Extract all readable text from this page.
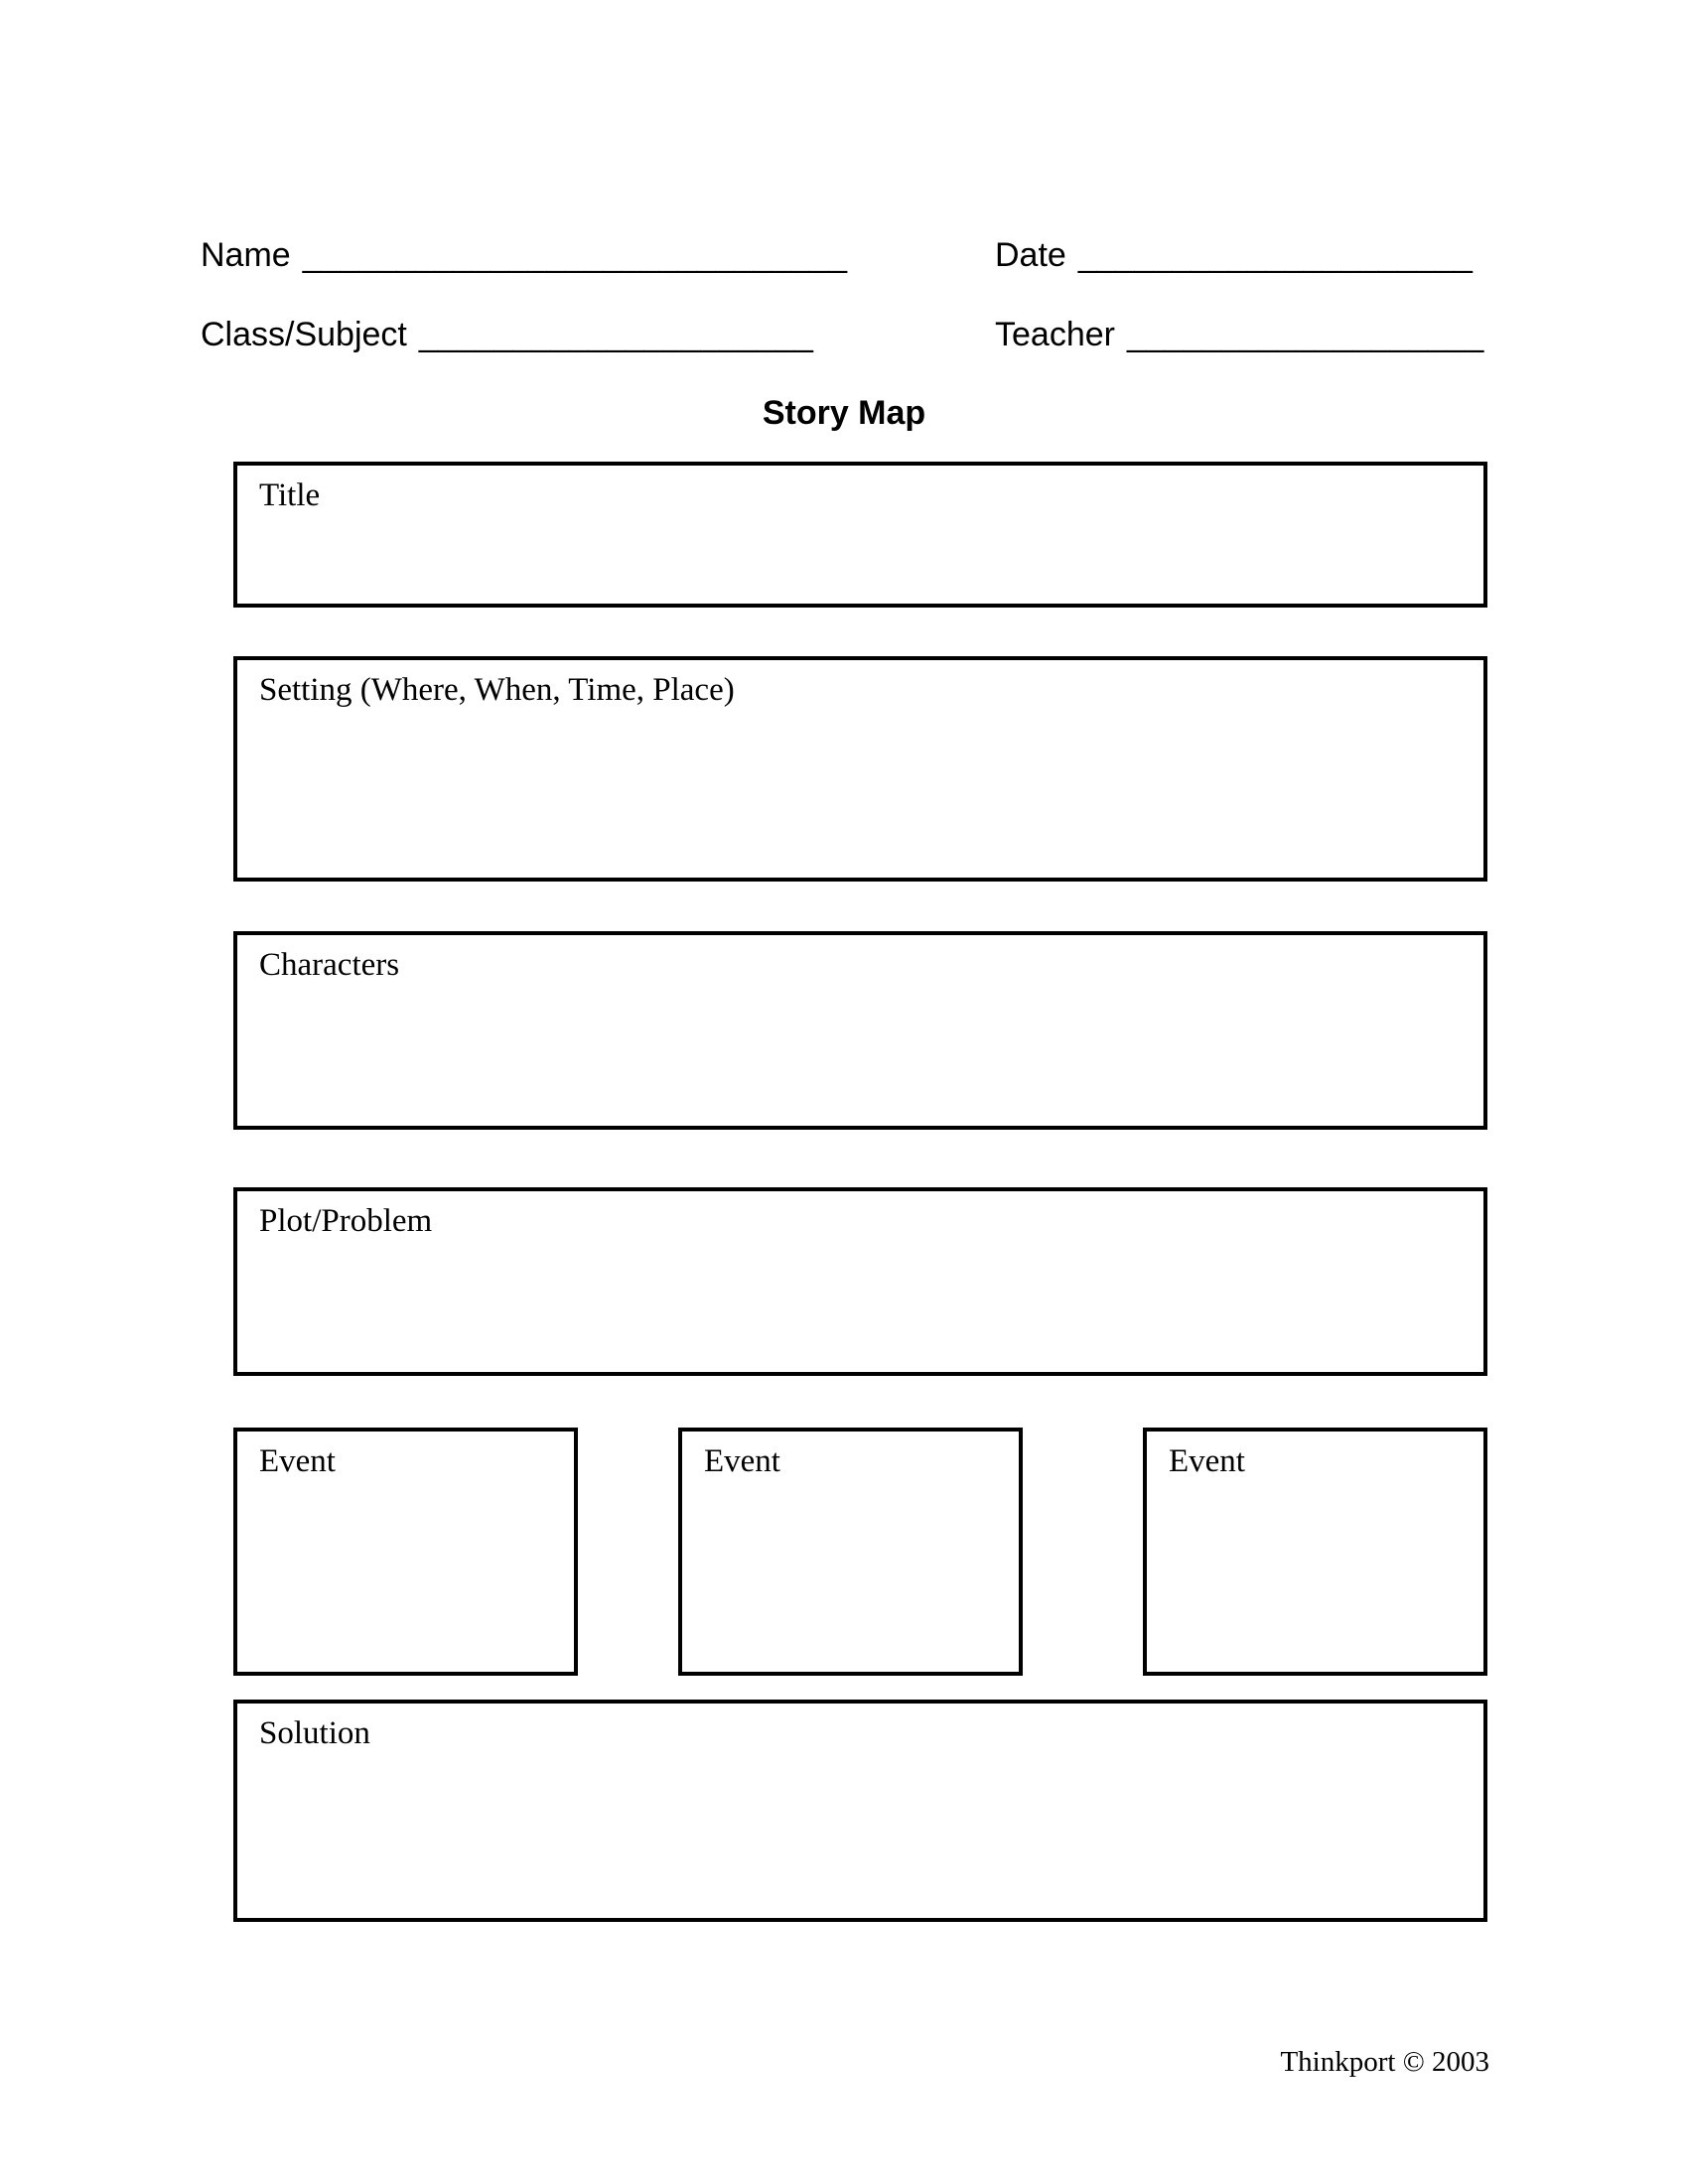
Name _____________________________	Date _____________________
Class/Subject _____________________	Teacher ___________________
Story Map
Title
Setting (Where, When, Time, Place)
Characters
Plot/Problem
Event	Event	Event
Solution
Thinkport © 2003
